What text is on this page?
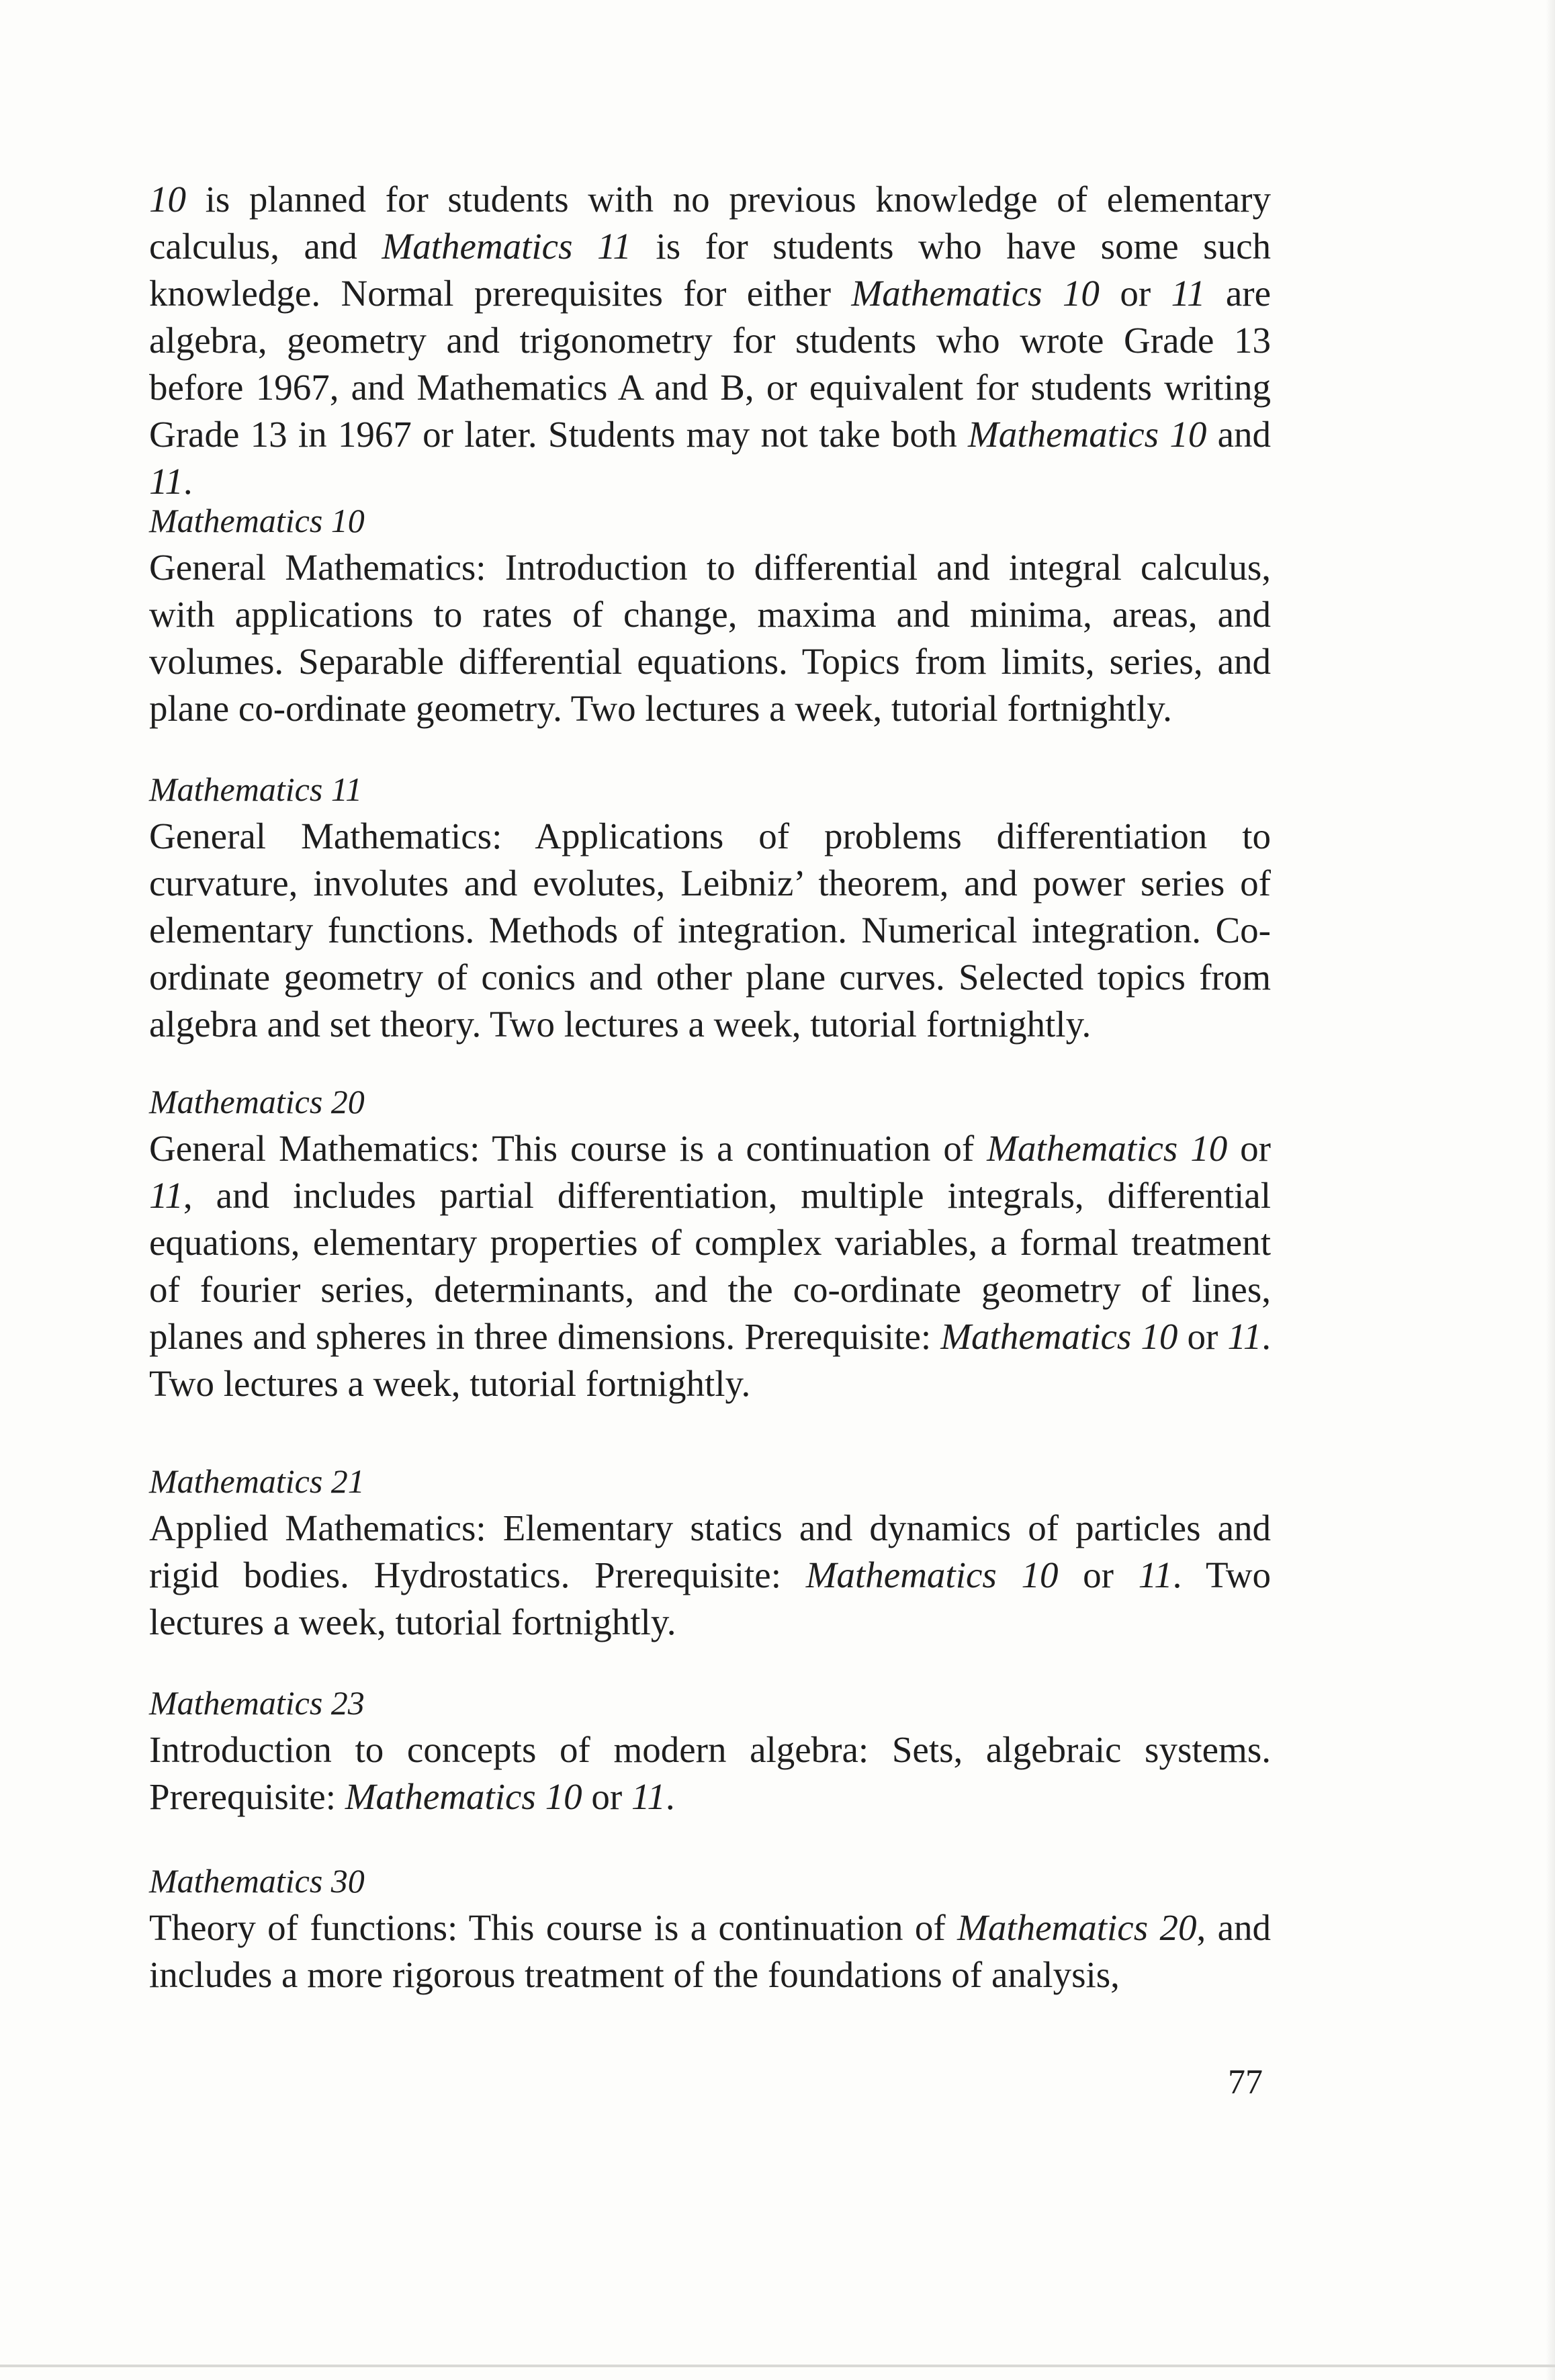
10 is planned for students with no previous knowledge of elementary calculus, and Mathematics 11 is for students who have some such knowledge. Normal prerequisites for either Mathematics 10 or 11 are algebra, geometry and trigonometry for students who wrote Grade 13 before 1967, and Mathematics A and B, or equivalent for students writing Grade 13 in 1967 or later. Students may not take both Mathematics 10 and 11.

Mathematics 10

General Mathematics: Introduction to differential and integral calculus, with applications to rates of change, maxima and minima, areas, and volumes. Separable differential equations. Topics from limits, series, and plane co-ordinate geometry. Two lectures a week, tutorial fortnightly.

Mathematics 11

General Mathematics: Applications of problems differentiation to curvature, involutes and evolutes, Leibniz’ theorem, and power series of elementary functions. Methods of integration. Numerical integration. Co-ordinate geometry of conics and other plane curves. Selected topics from algebra and set theory. Two lectures a week, tutorial fortnightly.

Mathematics 20

General Mathematics: This course is a continuation of Mathematics 10 or 11, and includes partial differentiation, multiple integrals, differential equations, elementary properties of complex variables, a formal treatment of fourier series, determinants, and the co-ordinate geometry of lines, planes and spheres in three dimensions. Prerequisite: Mathematics 10 or 11. Two lectures a week, tutorial fortnightly.

Mathematics 21

Applied Mathematics: Elementary statics and dynamics of particles and rigid bodies. Hydrostatics. Prerequisite: Mathematics 10 or 11. Two lectures a week, tutorial fortnightly.

Mathematics 23

Introduction to concepts of modern algebra: Sets, algebraic systems. Prerequisite: Mathematics 10 or 11.

Mathematics 30

Theory of functions: This course is a continuation of Mathematics 20, and includes a more rigorous treatment of the foundations of analysis,

77
